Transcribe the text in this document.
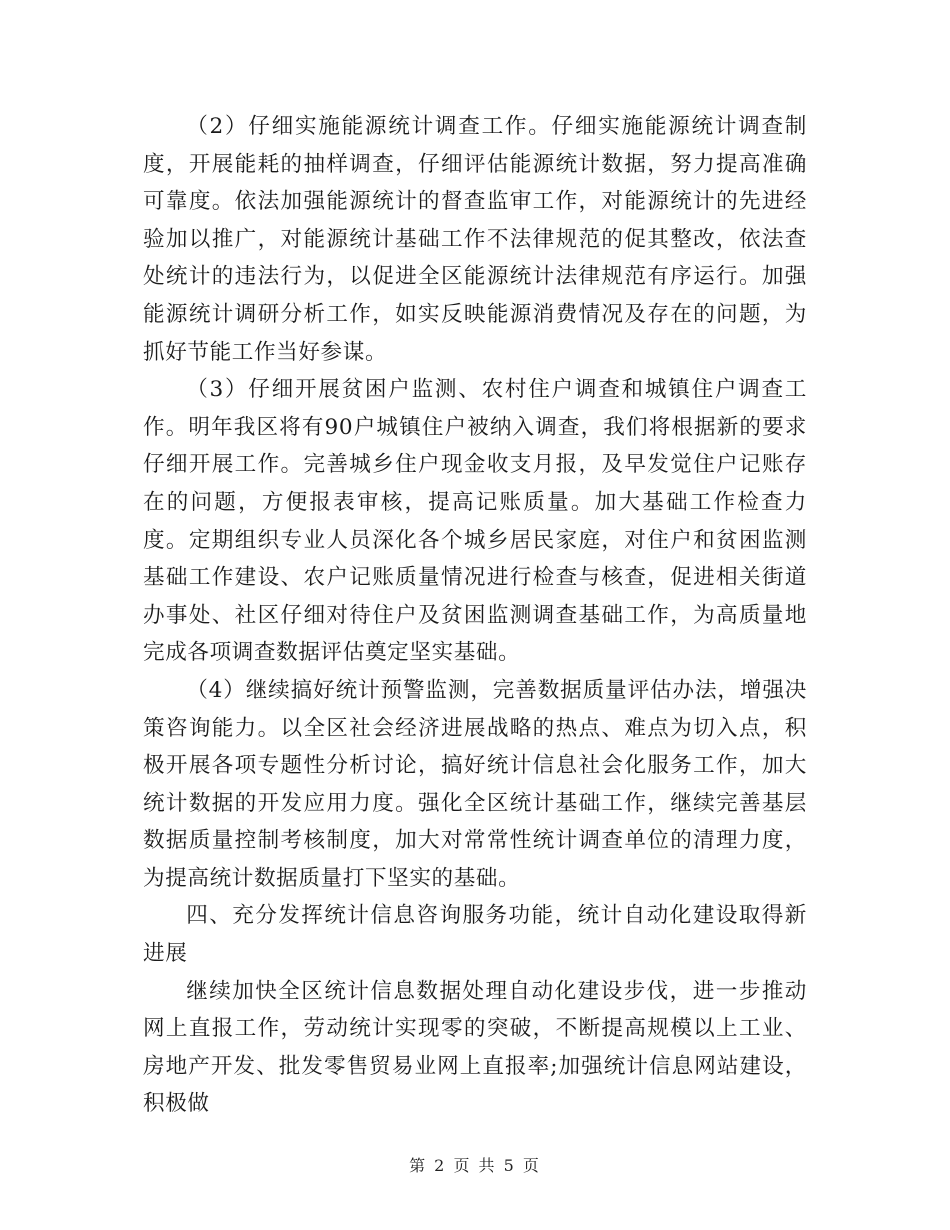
（2）仔细实施能源统计调查工作。仔细实施能源统计调查制度，开展能耗的抽样调查，仔细评估能源统计数据，努力提高准确可靠度。依法加强能源统计的督查监审工作，对能源统计的先进经验加以推广，对能源统计基础工作不法律规范的促其整改，依法查处统计的违法行为，以促进全区能源统计法律规范有序运行。加强能源统计调研分析工作，如实反映能源消费情况及存在的问题，为抓好节能工作当好参谋。

（3）仔细开展贫困户监测、农村住户调查和城镇住户调查工作。明年我区将有90户城镇住户被纳入调查，我们将根据新的要求仔细开展工作。完善城乡住户现金收支月报，及早发觉住户记账存在的问题，方便报表审核，提高记账质量。加大基础工作检查力度。定期组织专业人员深化各个城乡居民家庭，对住户和贫困监测基础工作建设、农户记账质量情况进行检查与核查，促进相关街道办事处、社区仔细对待住户及贫困监测调查基础工作，为高质量地完成各项调查数据评估奠定坚实基础。

（4）继续搞好统计预警监测，完善数据质量评估办法，增强决策咨询能力。以全区社会经济进展战略的热点、难点为切入点，积极开展各项专题性分析讨论，搞好统计信息社会化服务工作，加大统计数据的开发应用力度。强化全区统计基础工作，继续完善基层数据质量控制考核制度，加大对常常性统计调查单位的清理力度，为提高统计数据质量打下坚实的基础。

四、充分发挥统计信息咨询服务功能，统计自动化建设取得新进展

继续加快全区统计信息数据处理自动化建设步伐，进一步推动网上直报工作，劳动统计实现零的突破，不断提高规模以上工业、房地产开发、批发零售贸易业网上直报率;加强统计信息网站建设，积极做

第 2 页 共 5 页
